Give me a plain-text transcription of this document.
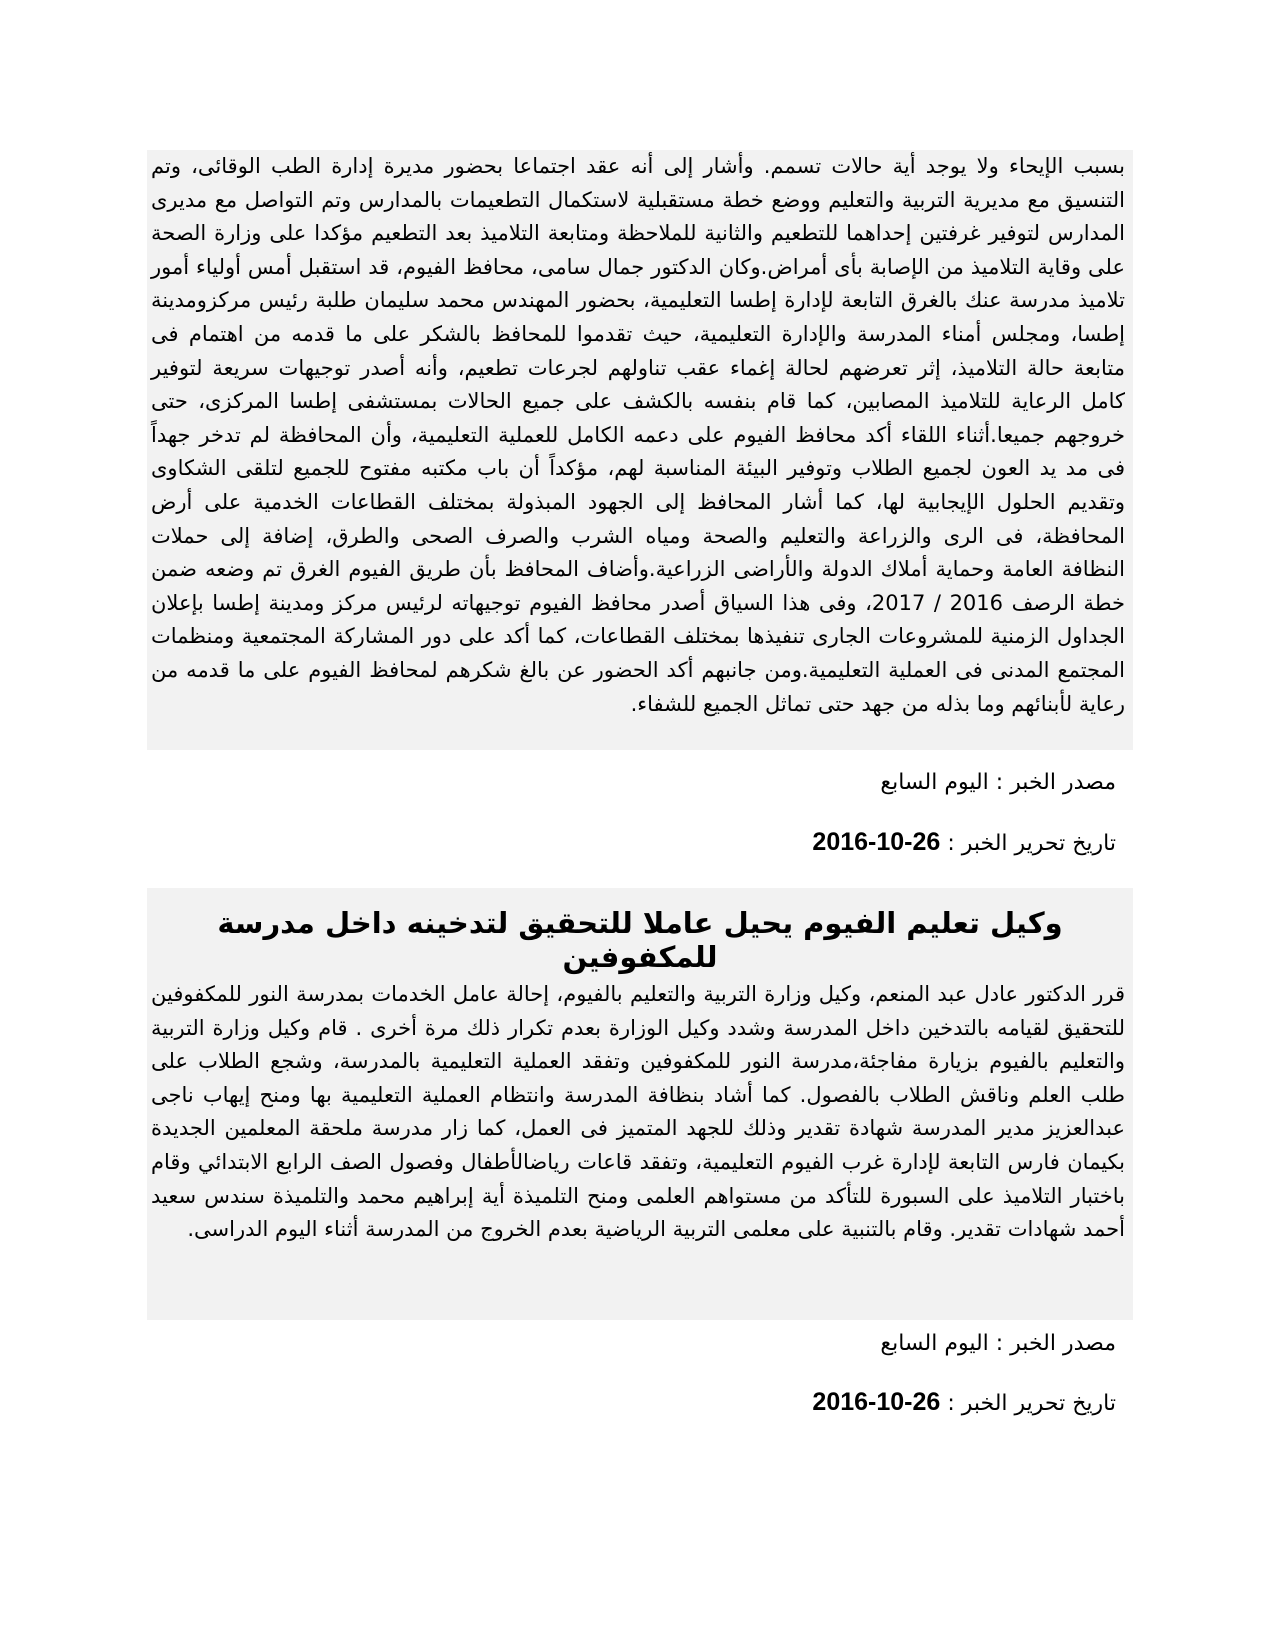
بسبب الإيحاء ولا يوجد أية حالات تسمم. وأشار إلى أنه عقد اجتماعا بحضور مديرة إدارة الطب الوقائى، وتم التنسيق مع مديرية التربية والتعليم ووضع خطة مستقبلية لاستكمال التطعيمات بالمدارس وتم التواصل مع مديرى المدارس لتوفير غرفتين إحداهما للتطعيم والثانية للملاحظة ومتابعة التلاميذ بعد التطعيم مؤكدا على وزارة الصحة على وقاية التلاميذ من الإصابة بأى أمراض.وكان الدكتور جمال سامى، محافظ الفيوم، قد استقبل أمس أولياء أمور تلاميذ مدرسة عنك بالغرق التابعة لإدارة إطسا التعليمية، بحضور المهندس محمد سليمان طلبة رئيس مركزومدينة إطسا، ومجلس أمناء المدرسة والإدارة التعليمية، حيث تقدموا للمحافظ بالشكر على ما قدمه من اهتمام فى متابعة حالة التلاميذ، إثر تعرضهم لحالة إغماء عقب تناولهم لجرعات تطعيم، وأنه أصدر توجيهات سريعة لتوفير كامل الرعاية للتلاميذ المصابين، كما قام بنفسه بالكشف على جميع الحالات بمستشفى إطسا المركزى، حتى خروجهم جميعا.أثناء اللقاء أكد محافظ الفيوم على دعمه الكامل للعملية التعليمية، وأن المحافظة لم تدخر جهداً فى مد يد العون لجميع الطلاب وتوفير البيئة المناسبة لهم، مؤكداً أن باب مكتبه مفتوح للجميع لتلقى الشكاوى وتقديم الحلول الإيجابية لها، كما أشار المحافظ إلى الجهود المبذولة بمختلف القطاعات الخدمية على أرض المحافظة، فى الرى والزراعة والتعليم والصحة ومياه الشرب والصرف الصحى والطرق، إضافة إلى حملات النظافة العامة وحماية أملاك الدولة والأراضى الزراعية.وأضاف المحافظ بأن طريق الفيوم الغرق تم وضعه ضمن خطة الرصف 2016 / 2017، وفى هذا السياق أصدر محافظ الفيوم توجيهاته لرئيس مركز ومدينة إطسا بإعلان الجداول الزمنية للمشروعات الجارى تنفيذها بمختلف القطاعات، كما أكد على دور المشاركة المجتمعية ومنظمات المجتمع المدنى فى العملية التعليمية.ومن جانبهم أكد الحضور عن بالغ شكرهم لمحافظ الفيوم على ما قدمه من رعاية لأبنائهم وما بذله من جهد حتى تماثل الجميع للشفاء.

مصدر الخبر : اليوم السابع
تاريخ تحرير الخبر : 2016-10-26
وكيل تعليم الفيوم يحيل عاملا للتحقيق لتدخينه داخل مدرسة للمكفوفين

قرر الدكتور عادل عبد المنعم، وكيل وزارة التربية والتعليم بالفيوم، إحالة عامل الخدمات بمدرسة النور للمكفوفين للتحقيق لقيامه بالتدخين داخل المدرسة وشدد وكيل الوزارة بعدم تكرار ذلك مرة أخرى . قام وكيل وزارة التربية والتعليم بالفيوم بزيارة مفاجئة،مدرسة النور للمكفوفين وتفقد العملية التعليمية بالمدرسة، وشجع الطلاب على طلب العلم وناقش الطلاب بالفصول. كما أشاد بنظافة المدرسة وانتظام العملية التعليمية بها ومنح إيهاب ناجى عبدالعزيز مدير المدرسة شهادة تقدير وذلك للجهد المتميز فى العمل، كما زار مدرسة ملحقة المعلمين الجديدة بكيمان فارس التابعة لإدارة غرب الفيوم التعليمية، وتفقد قاعات رياضالأطفال وفصول الصف الرابع الابتدائي وقام باختبار التلاميذ على السبورة للتأكد من مستواهم العلمى ومنح التلميذة أية إبراهيم محمد والتلميذة سندس سعيد أحمد شهادات تقدير. وقام بالتنبية على معلمى التربية الرياضية بعدم الخروج من المدرسة أثناء اليوم الدراسى.

مصدر الخبر : اليوم السابع
تاريخ تحرير الخبر : 2016-10-26
